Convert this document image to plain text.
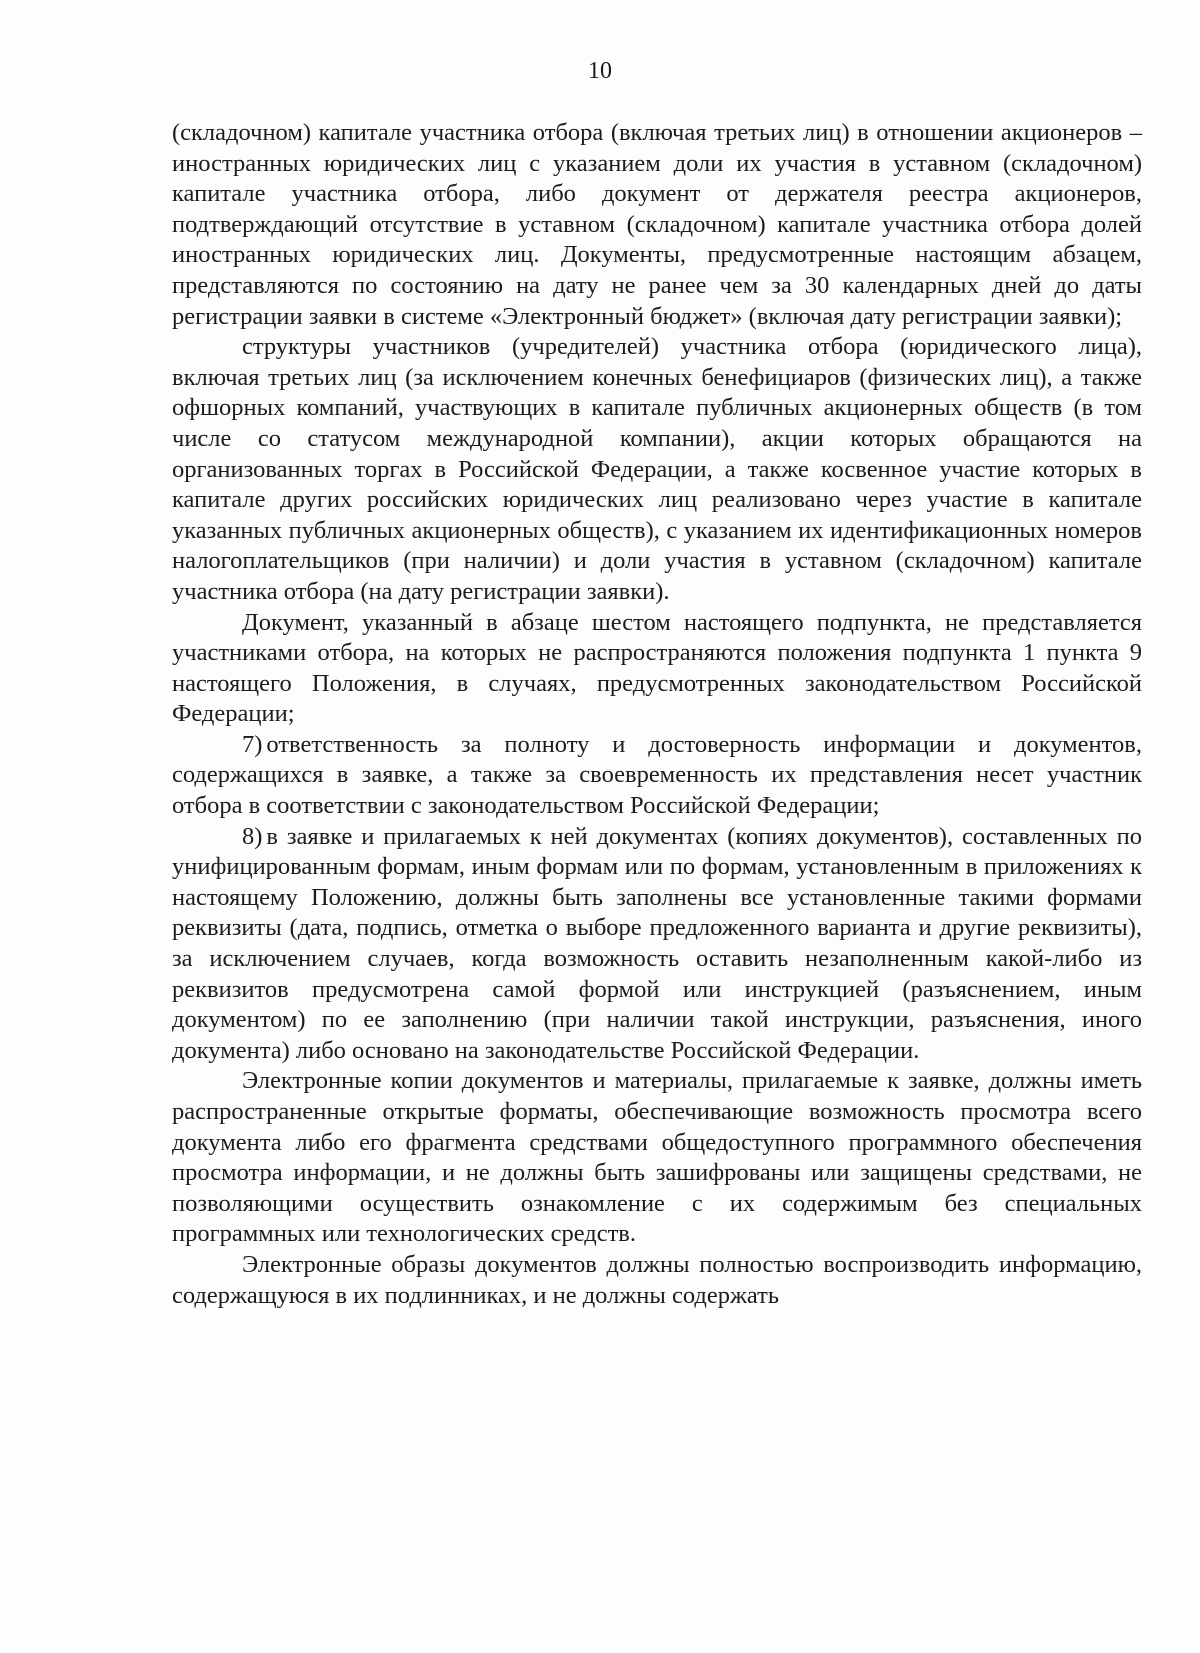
10

(складочном) капитале участника отбора (включая третьих лиц) в отношении акционеров – иностранных юридических лиц с указанием доли их участия в уставном (складочном) капитале участника отбора, либо документ от держателя реестра акционеров, подтверждающий отсутствие в уставном (складочном) капитале участника отбора долей иностранных юридических лиц. Документы, предусмотренные настоящим абзацем, представляются по состоянию на дату не ранее чем за 30 календарных дней до даты регистрации заявки в системе «Электронный бюджет» (включая дату регистрации заявки);

структуры участников (учредителей) участника отбора (юридического лица), включая третьих лиц (за исключением конечных бенефициаров (физических лиц), а также офшорных компаний, участвующих в капитале публичных акционерных обществ (в том числе со статусом международной компании), акции которых обращаются на организованных торгах в Российской Федерации, а также косвенное участие которых в капитале других российских юридических лиц реализовано через участие в капитале указанных публичных акционерных обществ), с указанием их идентификационных номеров налогоплательщиков (при наличии) и доли участия в уставном (складочном) капитале участника отбора (на дату регистрации заявки).

Документ, указанный в абзаце шестом настоящего подпункта, не представляется участниками отбора, на которых не распространяются положения подпункта 1 пункта 9 настоящего Положения, в случаях, предусмотренных законодательством Российской Федерации;

7) ответственность за полноту и достоверность информации и документов, содержащихся в заявке, а также за своевременность их представления несет участник отбора в соответствии с законодательством Российской Федерации;

8) в заявке и прилагаемых к ней документах (копиях документов), составленных по унифицированным формам, иным формам или по формам, установленным в приложениях к настоящему Положению, должны быть заполнены все установленные такими формами реквизиты (дата, подпись, отметка о выборе предложенного варианта и другие реквизиты), за исключением случаев, когда возможность оставить незаполненным какой-либо из реквизитов предусмотрена самой формой или инструкцией (разъяснением, иным документом) по ее заполнению (при наличии такой инструкции, разъяснения, иного документа) либо основано на законодательстве Российской Федерации.

Электронные копии документов и материалы, прилагаемые к заявке, должны иметь распространенные открытые форматы, обеспечивающие возможность просмотра всего документа либо его фрагмента средствами общедоступного программного обеспечения просмотра информации, и не должны быть зашифрованы или защищены средствами, не позволяющими осуществить ознакомление с их содержимым без специальных программных или технологических средств.

Электронные образы документов должны полностью воспроизводить информацию, содержащуюся в их подлинниках, и не должны содержать
